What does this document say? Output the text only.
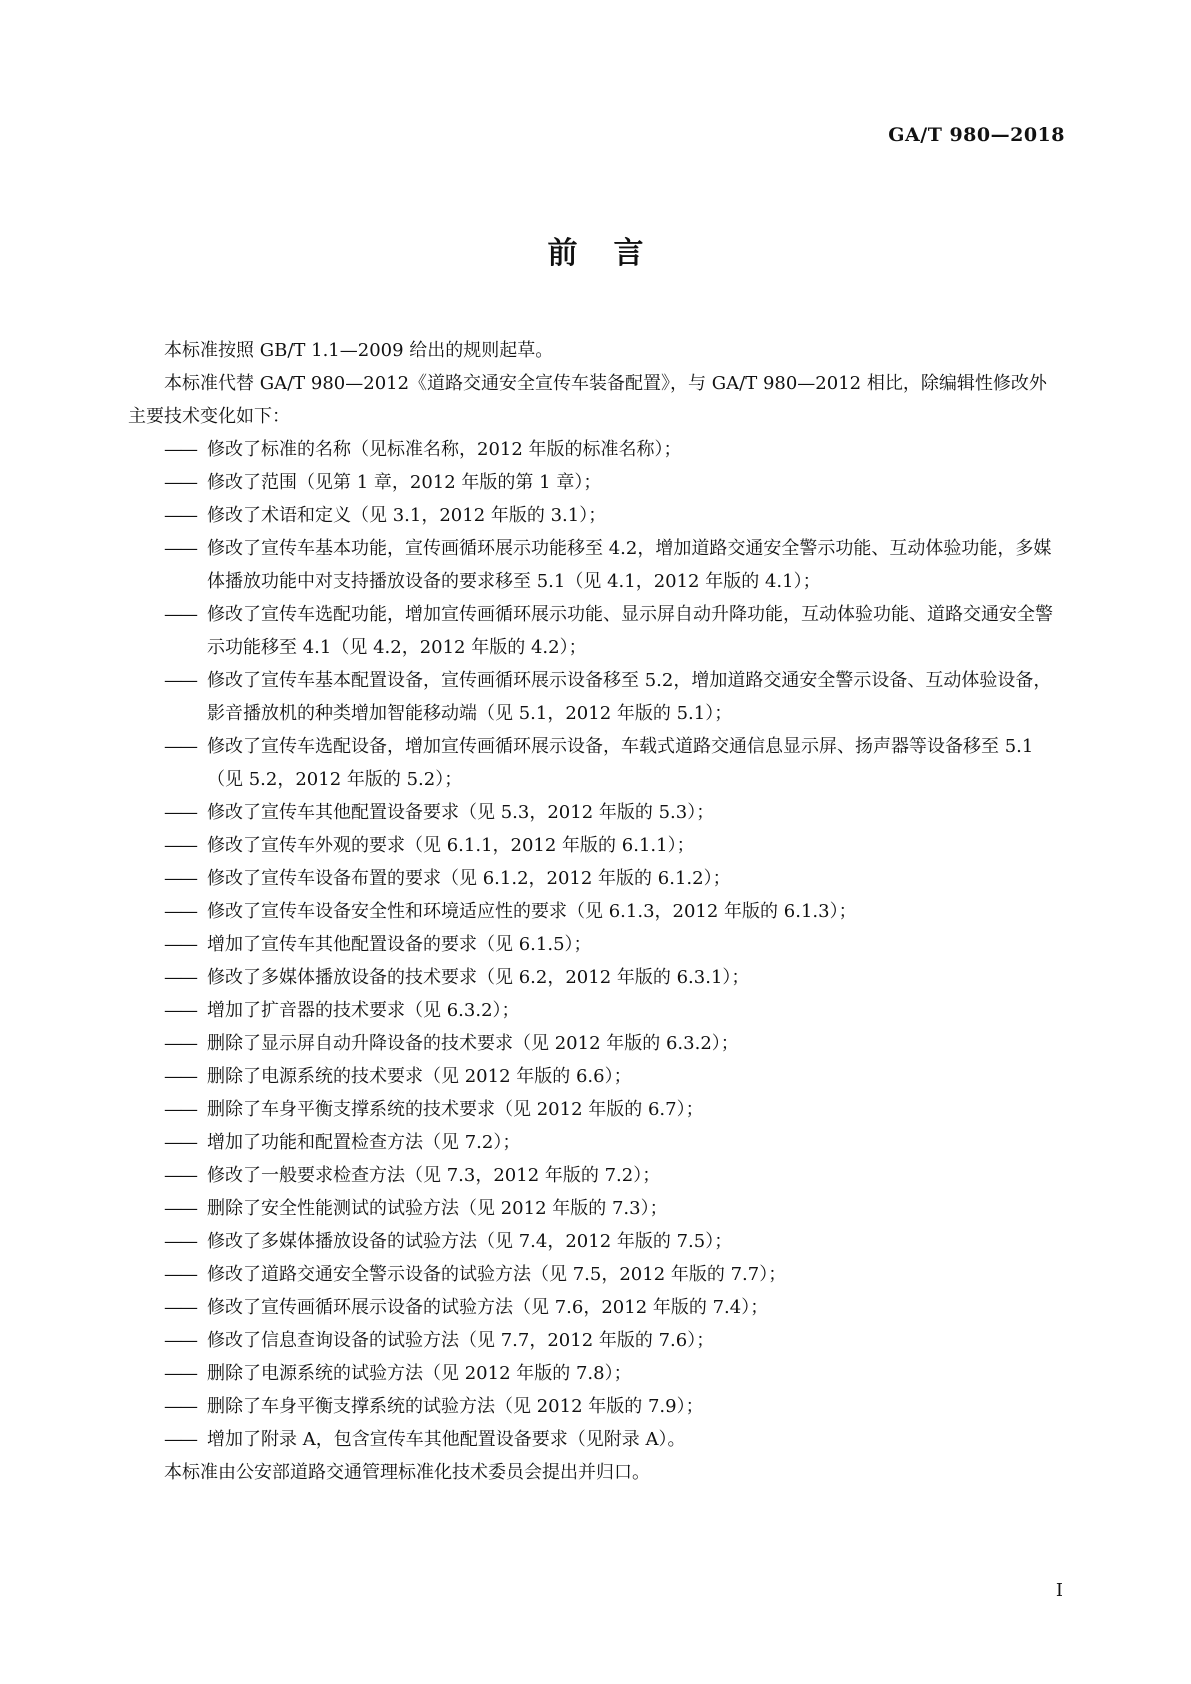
GA/T 980—2018
前言

本标准按照 GB/T 1.1—2009 给出的规则起草。

本标准代替 GA/T 980—2012《道路交通安全宣传车装备配置》，与 GA/T 980—2012 相比，除编辑性修改外主要技术变化如下：

—— 修改了标准的名称（见标准名称，2012 年版的标准名称）；
—— 修改了范围（见第 1 章，2012 年版的第 1 章）；
—— 修改了术语和定义（见 3.1，2012 年版的 3.1）；
—— 修改了宣传车基本功能，宣传画循环展示功能移至 4.2，增加道路交通安全警示功能、互动体验功能，多媒体播放功能中对支持播放设备的要求移至 5.1（见 4.1，2012 年版的 4.1）；
—— 修改了宣传车选配功能，增加宣传画循环展示功能、显示屏自动升降功能，互动体验功能、道路交通安全警示功能移至 4.1（见 4.2，2012 年版的 4.2）；
—— 修改了宣传车基本配置设备，宣传画循环展示设备移至 5.2，增加道路交通安全警示设备、互动体验设备，影音播放机的种类增加智能移动端（见 5.1，2012 年版的 5.1）；
—— 修改了宣传车选配设备，增加宣传画循环展示设备，车载式道路交通信息显示屏、扬声器等设备移至 5.1（见 5.2，2012 年版的 5.2）；
—— 修改了宣传车其他配置设备要求（见 5.3，2012 年版的 5.3）；
—— 修改了宣传车外观的要求（见 6.1.1，2012 年版的 6.1.1）；
—— 修改了宣传车设备布置的要求（见 6.1.2，2012 年版的 6.1.2）；
—— 修改了宣传车设备安全性和环境适应性的要求（见 6.1.3，2012 年版的 6.1.3）；
—— 增加了宣传车其他配置设备的要求（见 6.1.5）；
—— 修改了多媒体播放设备的技术要求（见 6.2，2012 年版的 6.3.1）；
—— 增加了扩音器的技术要求（见 6.3.2）；
—— 删除了显示屏自动升降设备的技术要求（见 2012 年版的 6.3.2）；
—— 删除了电源系统的技术要求（见 2012 年版的 6.6）；
—— 删除了车身平衡支撑系统的技术要求（见 2012 年版的 6.7）；
—— 增加了功能和配置检查方法（见 7.2）；
—— 修改了一般要求检查方法（见 7.3，2012 年版的 7.2）；
—— 删除了安全性能测试的试验方法（见 2012 年版的 7.3）；
—— 修改了多媒体播放设备的试验方法（见 7.4，2012 年版的 7.5）；
—— 修改了道路交通安全警示设备的试验方法（见 7.5，2012 年版的 7.7）；
—— 修改了宣传画循环展示设备的试验方法（见 7.6，2012 年版的 7.4）；
—— 修改了信息查询设备的试验方法（见 7.7，2012 年版的 7.6）；
—— 删除了电源系统的试验方法（见 2012 年版的 7.8）；
—— 删除了车身平衡支撑系统的试验方法（见 2012 年版的 7.9）；
—— 增加了附录 A，包含宣传车其他配置设备要求（见附录 A）。

本标准由公安部道路交通管理标准化技术委员会提出并归口。

I
